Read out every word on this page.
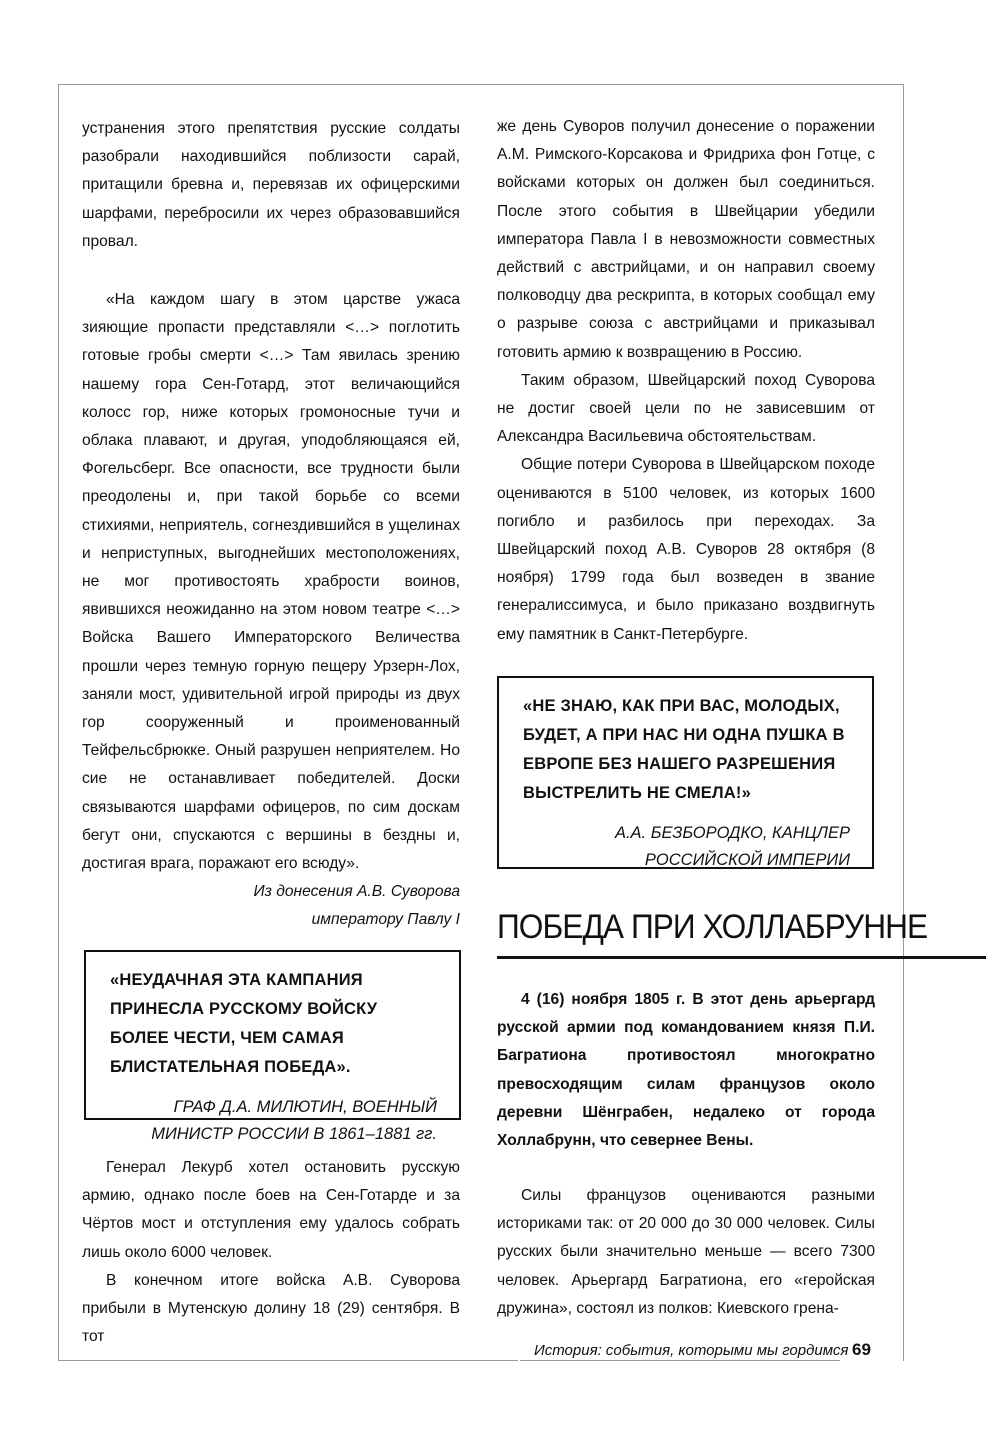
устранения этого препятствия русские солдаты разобрали находившийся поблизости сарай, притащили бревна и, перевязав их офицерскими шарфами, перебросили их через образовавшийся провал.

«На каждом шагу в этом царстве ужаса зияющие пропасти представляли <…> поглотить готовые гробы смерти <…> Там явилась зрению нашему гора Сен-Готард, этот величающийся колосс гор, ниже которых громоносные тучи и облака плавают, и другая, уподобляющаяся ей, Фогельсберг. Все опасности, все трудности были преодолены и, при такой борьбе со всеми стихиями, неприятель, согнездившийся в ущелинах и неприступных, выгоднейших местоположениях, не мог противостоять храбрости воинов, явившихся неожиданно на этом новом театре <…> Войска Вашего Императорского Величества прошли через темную горную пещеру Урзерн-Лох, заняли мост, удивительной игрой природы из двух гор сооруженный и проименованный Тейфельсбрюкке. Оный разрушен неприятелем. Но сие не останавливает победителей. Доски связываются шарфами офицеров, по сим доскам бегут они, спускаются с вершины в бездны и, достигая врага, поражают его всюду».

Из донесения А.В. Суворова
императору Павлу I
«НЕУДАЧНАЯ ЭТА КАМПАНИЯ ПРИНЕСЛА РУССКОМУ ВОЙСКУ БОЛЕЕ ЧЕСТИ, ЧЕМ САМАЯ БЛИСТАТЕЛЬНАЯ ПОБЕДА».
ГРАФ Д.А. МИЛЮТИН, ВОЕННЫЙ
МИНИСТР РОССИИ В 1861–1881 гг.

Генерал Лекурб хотел остановить русскую армию, однако после боев на Сен-Готарде и за Чёртов мост и отступления ему удалось собрать лишь около 6000 человек.

В конечном итоге войска А.В. Суворова прибыли в Мутенскую долину 18 (29) сентября. В тот

же день Суворов получил донесение о поражении А.М. Римского-Корсакова и Фридриха фон Готце, с войсками которых он должен был соединиться. После этого события в Швейцарии убедили императора Павла I в невозможности совместных действий с австрийцами, и он направил своему полководцу два рескрипта, в которых сообщал ему о разрыве союза с австрийцами и приказывал готовить армию к возвращению в Россию.

Таким образом, Швейцарский поход Суворова не достиг своей цели по не зависевшим от Александра Васильевича обстоятельствам.

Общие потери Суворова в Швейцарском походе оцениваются в 5100 человек, из которых 1600 погибло и разбилось при переходах. За Швейцарский поход А.В. Суворов 28 октября (8 ноября) 1799 года был возведен в звание генералиссимуса, и было приказано воздвигнуть ему памятник в Санкт-Петербурге.

«НЕ ЗНАЮ, КАК ПРИ ВАС, МОЛОДЫХ, БУДЕТ, А ПРИ НАС НИ ОДНА ПУШКА В ЕВРОПЕ БЕЗ НАШЕГО РАЗРЕШЕНИЯ ВЫСТРЕЛИТЬ НЕ СМЕЛА!»
А.А. БЕЗБОРОДКО, КАНЦЛЕР
РОССИЙСКОЙ ИМПЕРИИ
ПОБЕДА ПРИ ХОЛЛАБРУННЕ

4 (16) ноября 1805 г. В этот день арьергард русской армии под командованием князя П.И. Багратиона противостоял многократно превосходящим силам французов около деревни Шёнграбен, недалеко от города Холлабрунн, что севернее Вены.

Силы французов оцениваются разными историками так: от 20 000 до 30 000 человек. Силы русских были значительно меньше — всего 7300 человек. Арьергард Багратиона, его «геройская дружина», состоял из полков: Киевского грена-

История: события, которыми мы гордимся 69
